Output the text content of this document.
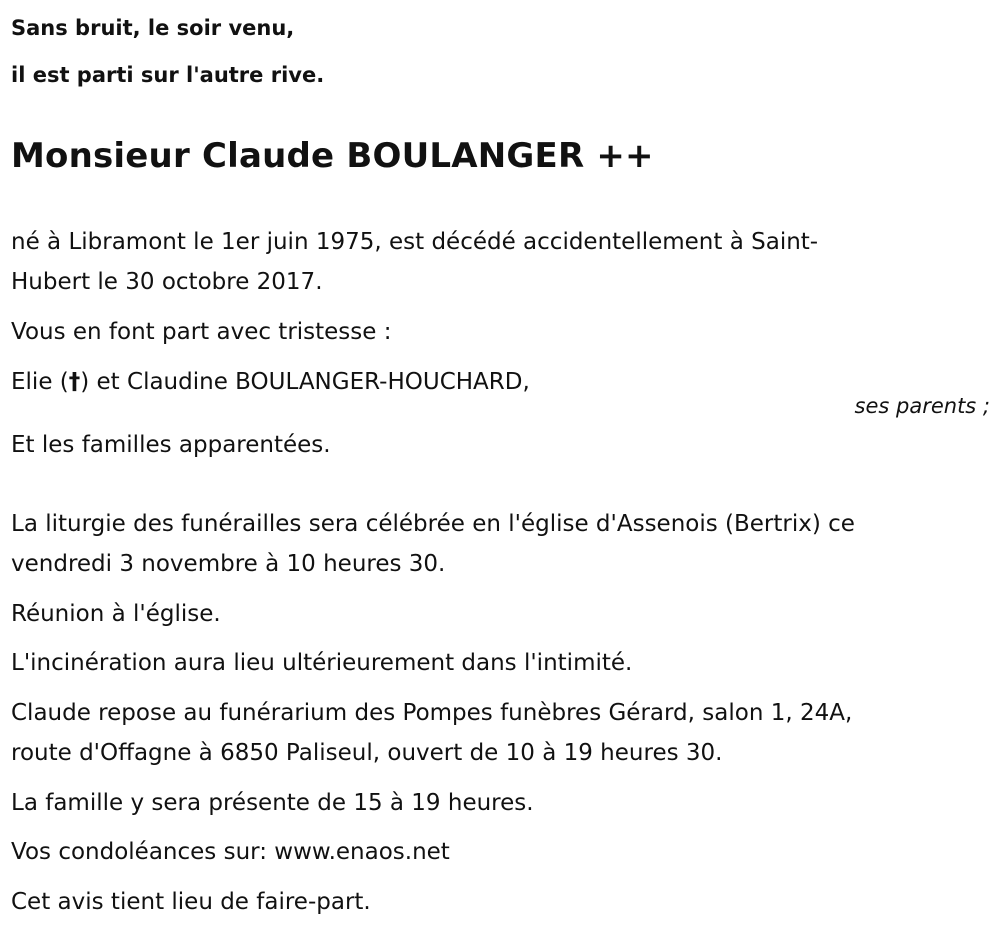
Sans bruit, le soir venu,
il est parti sur l'autre rive.
Monsieur Claude BOULANGER ++
né à Libramont le 1er juin 1975, est décédé accidentellement à Saint-
Hubert le 30 octobre 2017.
Vous en font part avec tristesse :
Elie (†) et Claudine BOULANGER-HOUCHARD,
ses parents ;
Et les familles apparentées.
La liturgie des funérailles sera célébrée en l'église d'Assenois (Bertrix) ce
vendredi 3 novembre à 10 heures 30.
Réunion à l'église.
L'incinération aura lieu ultérieurement dans l'intimité.
Claude repose au funérarium des Pompes funèbres Gérard, salon 1, 24A,
route d'Offagne à 6850 Paliseul, ouvert de 10 à 19 heures 30.
La famille y sera présente de 15 à 19 heures.
Vos condoléances sur: www.enaos.net
Cet avis tient lieu de faire-part.
